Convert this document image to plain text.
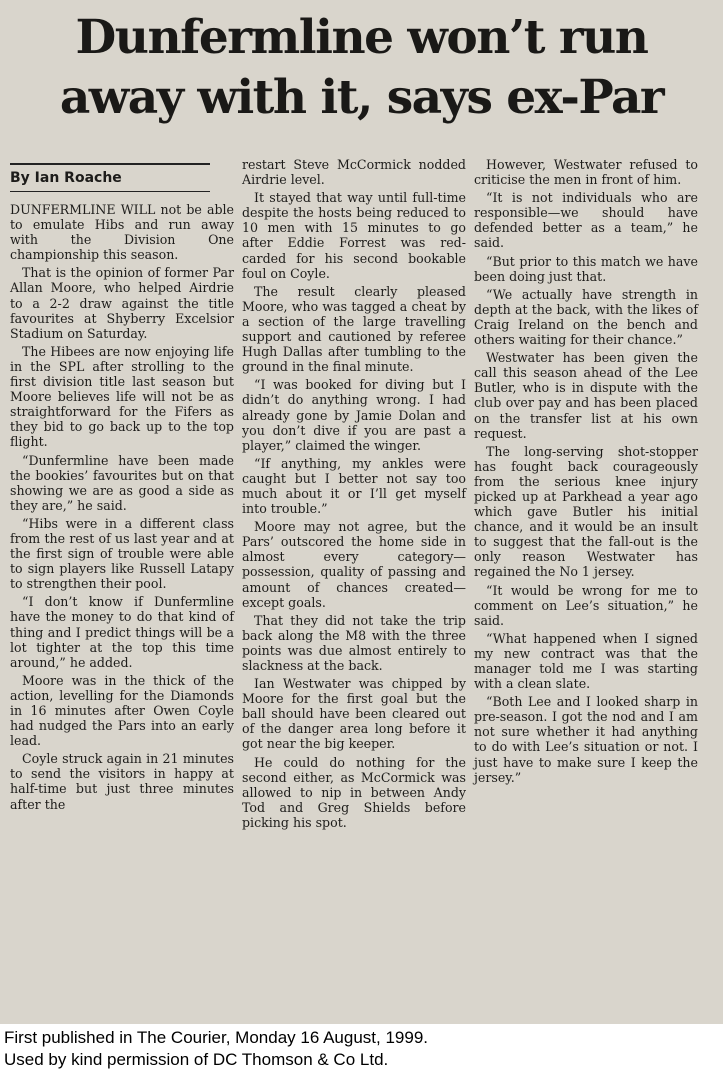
Dunfermline won’t run
away with it, says ex-Par
By Ian Roache

DUNFERMLINE WILL not be able to emulate Hibs and run away with the Division One championship this season.

That is the opinion of former Par Allan Moore, who helped Airdrie to a 2-2 draw against the title favourites at Shyberry Excelsior Stadium on Saturday.

The Hibees are now enjoying life in the SPL after strolling to the first division title last season but Moore believes life will not be as straightforward for the Fifers as they bid to go back up to the top flight.

“Dunfermline have been made the bookies’ favourites but on that showing we are as good a side as they are,” he said.

“Hibs were in a different class from the rest of us last year and at the first sign of trouble were able to sign players like Russell Latapy to strengthen their pool.

“I don’t know if Dunfermline have the money to do that kind of thing and I predict things will be a lot tighter at the top this time around,” he added.

Moore was in the thick of the action, levelling for the Diamonds in 16 minutes after Owen Coyle had nudged the Pars into an early lead.

Coyle struck again in 21 minutes to send the visitors in happy at half-time but just three minutes after the

restart Steve McCormick nodded Airdrie level.

It stayed that way until full-time despite the hosts being reduced to 10 men with 15 minutes to go after Eddie Forrest was red-carded for his second bookable foul on Coyle.

The result clearly pleased Moore, who was tagged a cheat by a section of the large travelling support and cautioned by referee Hugh Dallas after tumbling to the ground in the final minute.

“I was booked for diving but I didn’t do anything wrong. I had already gone by Jamie Dolan and you don’t dive if you are past a player,” claimed the winger.

“If anything, my ankles were caught but I better not say too much about it or I’ll get myself into trouble.”

Moore may not agree, but the Pars’ outscored the home side in almost every category—possession, quality of passing and amount of chances created—except goals.

That they did not take the trip back along the M8 with the three points was due almost entirely to slackness at the back.

Ian Westwater was chipped by Moore for the first goal but the ball should have been cleared out of the danger area long before it got near the big keeper.

He could do nothing for the second either, as McCormick was allowed to nip in between Andy Tod and Greg Shields before picking his spot.

However, Westwater refused to criticise the men in front of him.

“It is not individuals who are responsible—we should have defended better as a team,” he said.

“But prior to this match we have been doing just that.

“We actually have strength in depth at the back, with the likes of Craig Ireland on the bench and others waiting for their chance.”

Westwater has been given the call this season ahead of the Lee Butler, who is in dispute with the club over pay and has been placed on the transfer list at his own request.

The long-serving shot-stopper has fought back courageously from the serious knee injury picked up at Parkhead a year ago which gave Butler his initial chance, and it would be an insult to suggest that the fall-out is the only reason Westwater has regained the No 1 jersey.

“It would be wrong for me to comment on Lee’s situation,” he said.

“What happened when I signed my new contract was that the manager told me I was starting with a clean slate.

“Both Lee and I looked sharp in pre-season. I got the nod and I am not sure whether it had anything to do with Lee’s situation or not. I just have to make sure I keep the jersey.”

First published in The Courier, Monday 16 August, 1999.
Used by kind permission of DC Thomson & Co Ltd.
